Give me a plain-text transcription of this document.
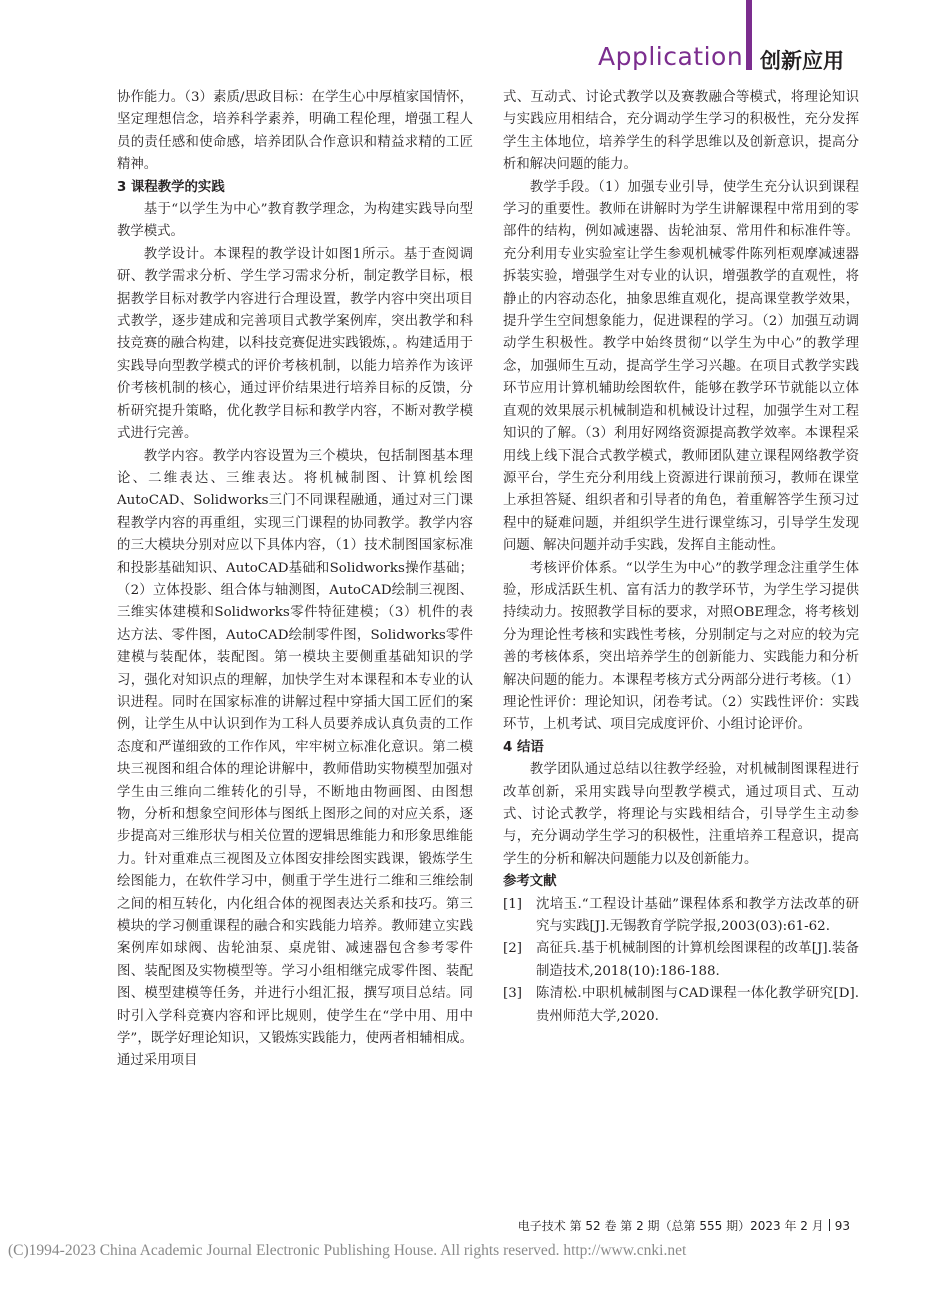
Application 创新应用

协作能力。（3）素质/思政目标：在学生心中厚植家国情怀，坚定理想信念，培养科学素养，明确工程伦理，增强工程人员的责任感和使命感，培养团队合作意识和精益求精的工匠精神。

3 课程教学的实践

基于“以学生为中心”教育教学理念，为构建实践导向型教学模式。

教学设计。本课程的教学设计如图1所示。基于查阅调研、教学需求分析、学生学习需求分析，制定教学目标，根据教学目标对教学内容进行合理设置，教学内容中突出项目式教学，逐步建成和完善项目式教学案例库，突出教学和科技竞赛的融合构建，以科技竞赛促进实践锻炼，。构建适用于实践导向型教学模式的评价考核机制，以能力培养作为该评价考核机制的核心，通过评价结果进行培养目标的反馈，分析研究提升策略，优化教学目标和教学内容，不断对教学模式进行完善。

教学内容。教学内容设置为三个模块，包括制图基本理论、二维表达、三维表达。将机械制图、计算机绘图AutoCAD、Solidworks三门不同课程融通，通过对三门课程教学内容的再重组，实现三门课程的协同教学。教学内容的三大模块分别对应以下具体内容，（1）技术制图国家标准和投影基础知识、AutoCAD基础和Solidworks操作基础；（2）立体投影、组合体与轴测图，AutoCAD绘制三视图、三维实体建模和Solidworks零件特征建模；（3）机件的表达方法、零件图，AutoCAD绘制零件图，Solidworks零件建模与装配体，装配图。第一模块主要侧重基础知识的学习，强化对知识点的理解，加快学生对本课程和本专业的认识进程。同时在国家标准的讲解过程中穿插大国工匠们的案例，让学生从中认识到作为工科人员要养成认真负责的工作态度和严谨细致的工作作风，牢牢树立标准化意识。第二模块三视图和组合体的理论讲解中，教师借助实物模型加强对学生由三维向二维转化的引导，不断地由物画图、由图想物，分析和想象空间形体与图纸上图形之间的对应关系，逐步提高对三维形状与相关位置的逻辑思维能力和形象思维能力。针对重难点三视图及立体图安排绘图实践课，锻炼学生绘图能力，在软件学习中，侧重于学生进行二维和三维绘制之间的相互转化，内化组合体的视图表达关系和技巧。第三模块的学习侧重课程的融合和实践能力培养。教师建立实践案例库如球阀、齿轮油泵、桌虎钳、减速器包含参考零件图、装配图及实物模型等。学习小组相继完成零件图、装配图、模型建模等任务，并进行小组汇报，撰写项目总结。同时引入学科竞赛内容和评比规则，使学生在“学中用、用中学”，既学好理论知识，又锻炼实践能力，使两者相辅相成。通过采用项目

式、互动式、讨论式教学以及赛教融合等模式，将理论知识与实践应用相结合，充分调动学生学习的积极性，充分发挥学生主体地位，培养学生的科学思维以及创新意识，提高分析和解决问题的能力。

教学手段。（1）加强专业引导，使学生充分认识到课程学习的重要性。教师在讲解时为学生讲解课程中常用到的零部件的结构，例如减速器、齿轮油泵、常用件和标准件等。充分利用专业实验室让学生参观机械零件陈列柜观摩减速器拆装实验，增强学生对专业的认识，增强教学的直观性，将静止的内容动态化，抽象思维直观化，提高课堂教学效果，提升学生空间想象能力，促进课程的学习。（2）加强互动调动学生积极性。教学中始终贯彻“以学生为中心”的教学理念，加强师生互动，提高学生学习兴趣。在项目式教学实践环节应用计算机辅助绘图软件，能够在教学环节就能以立体直观的效果展示机械制造和机械设计过程，加强学生对工程知识的了解。（3）利用好网络资源提高教学效率。本课程采用线上线下混合式教学模式，教师团队建立课程网络教学资源平台，学生充分利用线上资源进行课前预习，教师在课堂上承担答疑、组织者和引导者的角色，着重解答学生预习过程中的疑难问题，并组织学生进行课堂练习，引导学生发现问题、解决问题并动手实践，发挥自主能动性。

考核评价体系。“以学生为中心”的教学理念注重学生体验，形成活跃生机、富有活力的教学环节，为学生学习提供持续动力。按照教学目标的要求，对照OBE理念，将考核划分为理论性考核和实践性考核，分别制定与之对应的较为完善的考核体系，突出培养学生的创新能力、实践能力和分析解决问题的能力。本课程考核方式分两部分进行考核。（1）理论性评价：理论知识，闭卷考试。（2）实践性评价：实践环节，上机考试、项目完成度评价、小组讨论评价。

4 结语

教学团队通过总结以往教学经验，对机械制图课程进行改革创新，采用实践导向型教学模式，通过项目式、互动式、讨论式教学，将理论与实践相结合，引导学生主动参与，充分调动学生学习的积极性，注重培养工程意识，提高学生的分析和解决问题能力以及创新能力。

参考文献

[1]	沈培玉.“工程设计基础”课程体系和教学方法改革的研究与实践[J].无锡教育学院学报,2003(03):61-62.
[2]	高征兵.基于机械制图的计算机绘图课程的改革[J].装备制造技术,2018(10):186-188.
[3]	陈清松.中职机械制图与CAD课程一体化教学研究[D].贵州师范大学,2020.
电子技术 第 52 卷 第 2 期（总第 555 期）2023 年 2 月 93
(C)1994-2023 China Academic Journal Electronic Publishing House. All rights reserved. http://www.cnki.net
